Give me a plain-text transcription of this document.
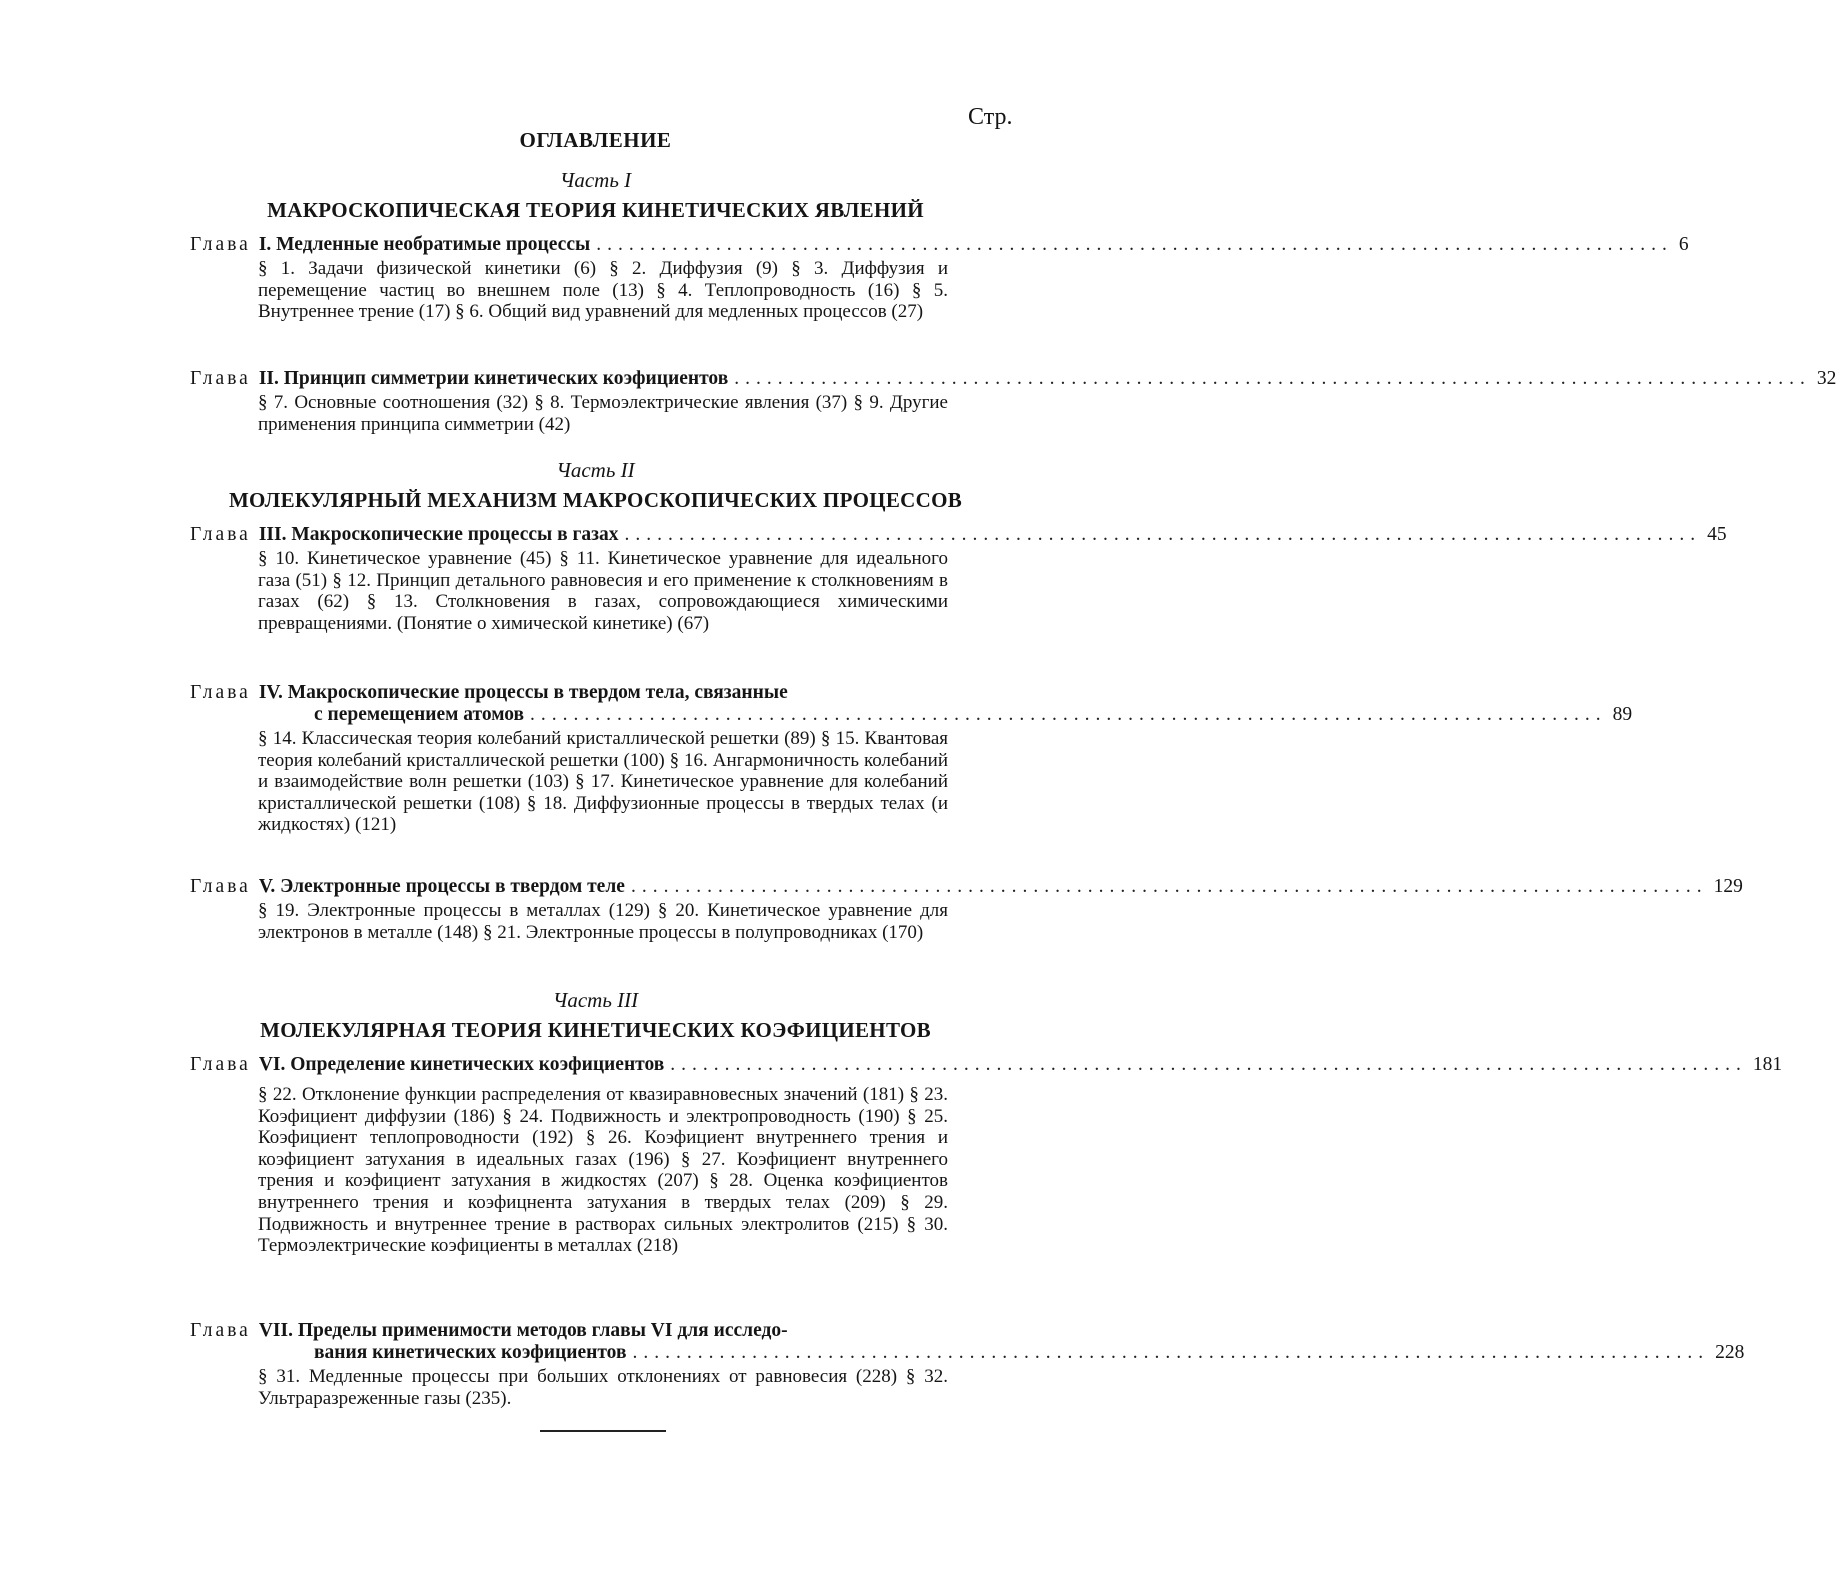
Стр.
ОГЛАВЛЕНИЕ
Часть I
МАКРОСКОПИЧЕСКАЯ ТЕОРИЯ КИНЕТИЧЕСКИХ ЯВЛЕНИЙ
Глава I.
Медленные необратимые процессы ................................................................................................... 6
§ 1. Задачи физической кинетики (6) § 2. Диффузия (9) § 3. Диффузия и перемещение частиц во внешнем поле (13) § 4. Теплопроводность (16) § 5. Внутреннее трение (17) § 6. Общий вид уравнений для медленных процессов (27)
Глава II.
Принцип симметрии кинетических коэфициентов ................................................................................................... 32
§ 7. Основные соотношения (32) § 8. Термоэлектрические явления (37) § 9. Другие применения принципа симметрии (42)
Часть II
МОЛЕКУЛЯРНЫЙ МЕХАНИЗМ МАКРОСКОПИЧЕСКИХ ПРОЦЕССОВ
Глава III.
Макроскопические процессы в газах ................................................................................................... 45
§ 10. Кинетическое уравнение (45) § 11. Кинетическое уравнение для идеального газа (51) § 12. Принцип детального равновесия и его применение к столкновениям в газах (62) § 13. Столкновения в газах, сопровождающиеся химическими превращениями. (Понятие о химической кинетике) (67)
Глава IV.
Макроскопические процессы в твердом тела, связанные
с перемещением атомов ................................................................................................... 89
§ 14. Классическая теория колебаний кристаллической решетки (89) § 15. Квантовая теория колебаний кристаллической решетки (100) § 16. Ангармоничность колебаний и взаимодействие волн решетки (103) § 17. Кинетическое уравнение для колебаний кристаллической решетки (108) § 18. Диффузионные процессы в твердых телах (и жидкостях) (121)
Глава V.
Электронные процессы в твердом теле ................................................................................................... 129
§ 19. Электронные процессы в металлах (129) § 20. Кинетическое уравнение для электронов в металле (148) § 21. Электронные процессы в полупроводниках (170)
Часть III
МОЛЕКУЛЯРНАЯ ТЕОРИЯ КИНЕТИЧЕСКИХ КОЭФИЦИЕНТОВ
Глава VI.
Определение кинетических коэфициентов ................................................................................................... 181
§ 22. Отклонение функции распределения от квазиравновесных значений (181) § 23. Коэфициент диффузии (186) § 24. Подвижность и электропроводность (190) § 25. Коэфициент теплопроводности (192) § 26. Коэфициент внутреннего трения и коэфициент затухания в идеальных газах (196) § 27. Коэфициент внутреннего трения и коэфициент затухания в жидкостях (207) § 28. Оценка коэфициентов внутреннего трения и коэфицнента затухания в твердых телах (209) § 29. Подвижность и внутреннее трение в растворах сильных электролитов (215) § 30. Термоэлектрические коэфициенты в металлах (218)
Глава VII.
Пределы применимости методов главы VI для исследо-
вания кинетических коэфициентов ................................................................................................... 228
§ 31. Медленные процессы при больших отклонениях от равновесия (228) § 32. Ультраразреженные газы (235).
